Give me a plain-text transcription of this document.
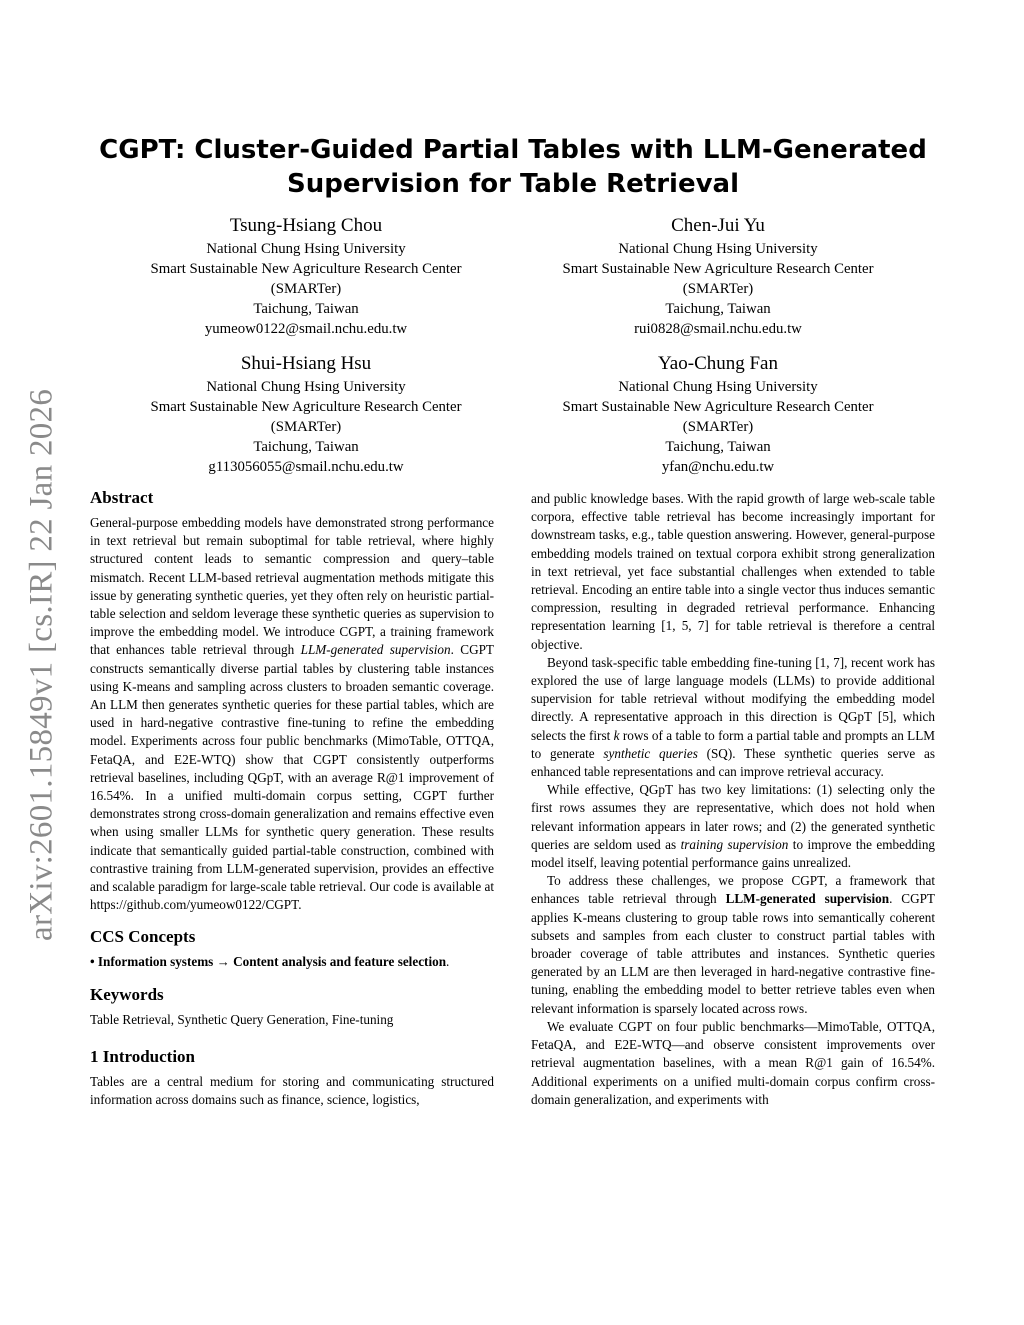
arXiv:2601.15849v1 [cs.IR] 22 Jan 2026
CGPT: Cluster-Guided Partial Tables with LLM-Generated Supervision for Table Retrieval
Tsung-Hsiang Chou
National Chung Hsing University
Smart Sustainable New Agriculture Research Center
(SMARTer)
Taichung, Taiwan
yumeow0122@smail.nchu.edu.tw
Chen-Jui Yu
National Chung Hsing University
Smart Sustainable New Agriculture Research Center
(SMARTer)
Taichung, Taiwan
rui0828@smail.nchu.edu.tw
Shui-Hsiang Hsu
National Chung Hsing University
Smart Sustainable New Agriculture Research Center
(SMARTer)
Taichung, Taiwan
g113056055@smail.nchu.edu.tw
Yao-Chung Fan
National Chung Hsing University
Smart Sustainable New Agriculture Research Center
(SMARTer)
Taichung, Taiwan
yfan@nchu.edu.tw
Abstract

General-purpose embedding models have demonstrated strong performance in text retrieval but remain suboptimal for table retrieval, where highly structured content leads to semantic compression and query–table mismatch. Recent LLM-based retrieval augmentation methods mitigate this issue by generating synthetic queries, yet they often rely on heuristic partial-table selection and seldom leverage these synthetic queries as supervision to improve the embedding model. We introduce CGPT, a training framework that enhances table retrieval through LLM-generated supervision. CGPT constructs semantically diverse partial tables by clustering table instances using K-means and sampling across clusters to broaden semantic coverage. An LLM then generates synthetic queries for these partial tables, which are used in hard-negative contrastive fine-tuning to refine the embedding model. Experiments across four public benchmarks (MimoTable, OTTQA, FetaQA, and E2E-WTQ) show that CGPT consistently outperforms retrieval baselines, including QGpT, with an average R@1 improvement of 16.54%. In a unified multi-domain corpus setting, CGPT further demonstrates strong cross-domain generalization and remains effective even when using smaller LLMs for synthetic query generation. These results indicate that semantically guided partial-table construction, combined with contrastive training from LLM-generated supervision, provides an effective and scalable paradigm for large-scale table retrieval. Our code is available at https://github.com/yumeow0122/CGPT.

CCS Concepts

• Information systems → Content analysis and feature selection.

Keywords

Table Retrieval, Synthetic Query Generation, Fine-tuning

1 Introduction

Tables are a central medium for storing and communicating structured information across domains such as finance, science, logistics,

and public knowledge bases. With the rapid growth of large web-scale table corpora, effective table retrieval has become increasingly important for downstream tasks, e.g., table question answering. However, general-purpose embedding models trained on textual corpora exhibit strong generalization in text retrieval, yet face substantial challenges when extended to table retrieval. Encoding an entire table into a single vector thus induces semantic compression, resulting in degraded retrieval performance. Enhancing representation learning [1, 5, 7] for table retrieval is therefore a central objective.

Beyond task-specific table embedding fine-tuning [1, 7], recent work has explored the use of large language models (LLMs) to provide additional supervision for table retrieval without modifying the embedding model directly. A representative approach in this direction is QGpT [5], which selects the first k rows of a table to form a partial table and prompts an LLM to generate synthetic queries (SQ). These synthetic queries serve as enhanced table representations and can improve retrieval accuracy.

While effective, QGpT has two key limitations: (1) selecting only the first rows assumes they are representative, which does not hold when relevant information appears in later rows; and (2) the generated synthetic queries are seldom used as training supervision to improve the embedding model itself, leaving potential performance gains unrealized.

To address these challenges, we propose CGPT, a framework that enhances table retrieval through LLM-generated supervision. CGPT applies K-means clustering to group table rows into semantically coherent subsets and samples from each cluster to construct partial tables with broader coverage of table attributes and instances. Synthetic queries generated by an LLM are then leveraged in hard-negative contrastive fine-tuning, enabling the embedding model to better retrieve tables even when relevant information is sparsely located across rows.

We evaluate CGPT on four public benchmarks—MimoTable, OTTQA, FetaQA, and E2E-WTQ—and observe consistent improvements over retrieval augmentation baselines, with a mean R@1 gain of 16.54%. Additional experiments on a unified multi-domain corpus confirm cross-domain generalization, and experiments with
